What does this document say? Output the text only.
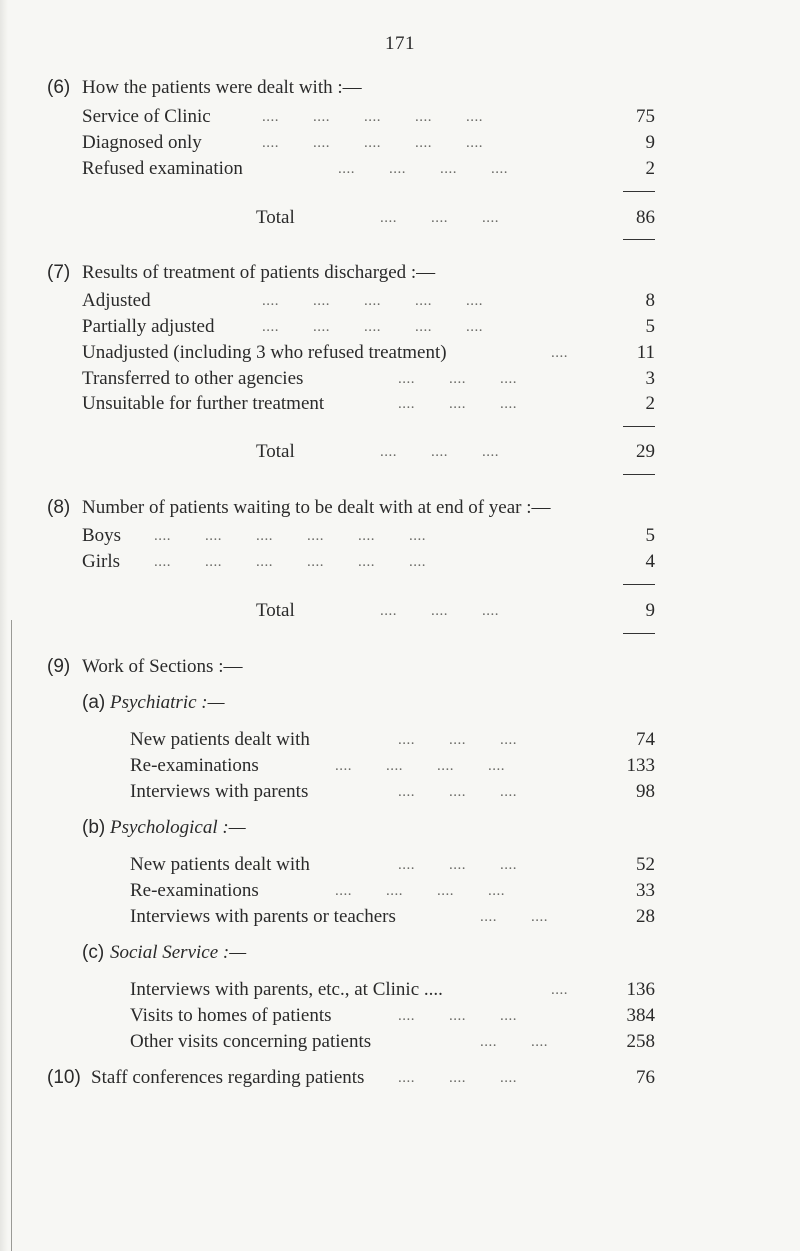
171
(6) How the patients were dealt with :—
Service of Clinic	....        ....        ....        ....        ....	75
Diagnosed only	....        ....        ....        ....        ....	9
Refused examination	....        ....        ....        ....	2
Total	....        ....        ....	86
(7) Results of treatment of patients discharged :—
Adjusted	....        ....        ....        ....        ....	8
Partially adjusted	....        ....        ....        ....        ....	5
Unadjusted (including 3 who refused treatment)	....	11
Transferred to other agencies	....        ....        ....	3
Unsuitable for further treatment	....        ....        ....	2
Total	....        ....        ....	29
(8) Number of patients waiting to be dealt with at end of year :—
Boys ....        ....        ....        ....        ....        ....	5
Girls ....        ....        ....        ....        ....        ....	4
Total	....        ....        ....	9
(9) Work of Sections :—
(a) Psychiatric :—
New patients dealt with	....        ....        ....	74
Re-examinations	....        ....        ....        ....	133
Interviews with parents	....        ....        ....	98
(b) Psychological :—
New patients dealt with	....        ....        ....	52
Re-examinations	....        ....        ....        ....	33
Interviews with parents or teachers	....        ....	28
(c) Social Service :—
Interviews with parents, etc., at Clinic ....	....	136
Visits to homes of patients	....        ....        ....	384
Other visits concerning patients	....        ....	258
(10) Staff conferences regarding patients ....        ....        ....	76
